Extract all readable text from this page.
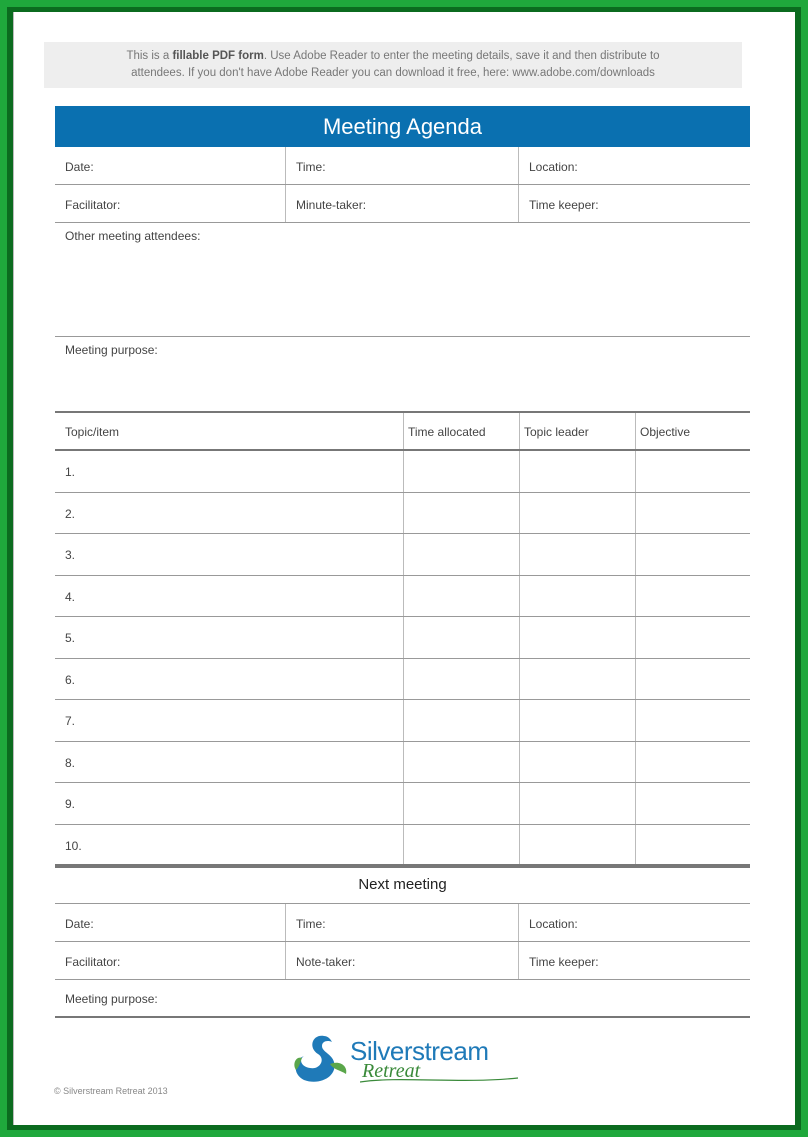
This is a fillable PDF form. Use Adobe Reader to enter the meeting details, save it and then distribute to
attendees. If you don't have Adobe Reader you can download it free, here: www.adobe.com/downloads
Meeting Agenda
Date:	Time:	Location:
Facilitator:	Minute-taker:	Time keeper:
Other meeting attendees:
Meeting purpose:
Topic/item	Time allocated	Topic leader	Objective
1.
2.
3.
4.
5.
6.
7.
8.
9.
10.
Next meeting
Date:	Time:	Location:
Facilitator:	Note-taker:	Time keeper:
Meeting purpose:
Silverstream
Retreat
© Silverstream Retreat 2013
